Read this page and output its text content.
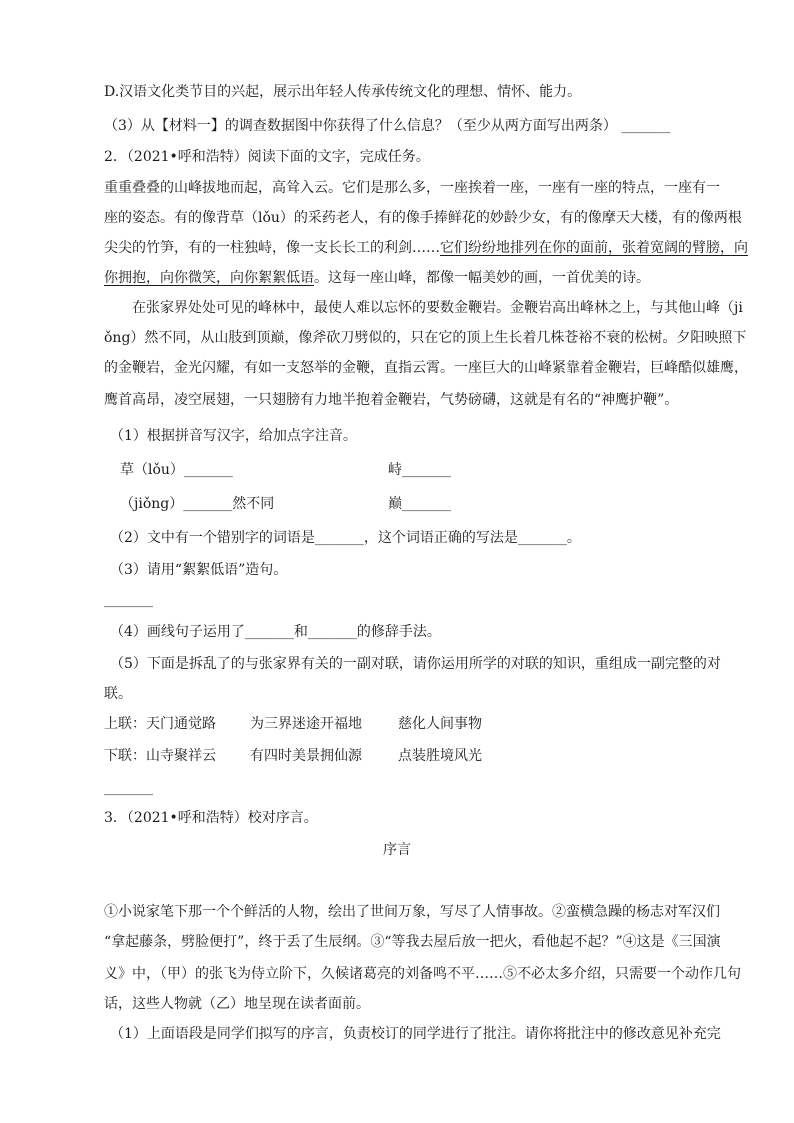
D.汉语文化类节目的兴起，展示出年轻人传承传统文化的理想、情怀、能力。
（3）从【材料一】的调查数据图中你获得了什么信息？（至少从两方面写出两条） _______
2．（2021•呼和浩特）阅读下面的文字，完成任务。
重重叠叠的山峰拔地而起，高耸入云。它们是那么多，一座挨着一座，一座有一座的特点，一座有一
座的姿态。有的像背草（lǒu）的采药老人，有的像手捧鲜花的妙龄少女，有的像摩天大楼，有的像两根
尖尖的竹笋，有的一柱独峙，像一支长长工的利剑……它们纷纷地排列在你的面前，张着宽阔的臂膀，向
你拥抱，向你微笑，向你絮絮低语。这每一座山峰，都像一幅美妙的画，一首优美的诗。
在张家界处处可见的峰林中，最使人难以忘怀的要数金鞭岩。金鞭岩高出峰林之上，与其他山峰（ji
ǒng）然不同，从山肢到顶巅，像斧砍刀劈似的，只在它的顶上生长着几株苍裕不衰的松树。夕阳映照下
的金鞭岩，金光闪耀，有如一支怒举的金鞭，直指云霄。一座巨大的山峰紧靠着金鞭岩，巨峰酷似雄鹰，
鹰首高昂，凌空展翅，一只翅膀有力地半抱着金鞭岩，气势磅礴，这就是有名的“神鹰护鞭”。
（1）根据拼音写汉字，给加点字注音。
草（lǒu）_______	峙_______
（jiǒng）_______然不同	巅_______
（2）文中有一个错别字的词语是_______，这个词语正确的写法是_______。
（3）请用“絮絮低语”造句。
_______
（4）画线句子运用了_______和_______的修辞手法。
（5）下面是拆乱了的与张家界有关的一副对联，请你运用所学的对联的知识，重组成一副完整的对
联。
上联：天门通觉路 为三界迷途开福地	慈化人间事物
下联：山寺聚祥云 有四时美景拥仙源	点装胜境风光
_______
3．（2021•呼和浩特）校对序言。
序言
①小说家笔下那一个个鲜活的人物，绘出了世间万象，写尽了人情事故。②蛮横急躁的杨志对军汉们
“拿起藤条，劈脸便打”，终于丢了生辰纲。③“等我去屋后放一把火，看他起不起？”④这是《三国演
义》中，（甲）的张飞为侍立阶下，久候诸葛亮的刘备鸣不平……⑤不必太多介绍，只需要一个动作几句
话，这些人物就（乙）地呈现在读者面前。
（1）上面语段是同学们拟写的序言，负责校订的同学进行了批注。请你将批注中的修改意见补充完
